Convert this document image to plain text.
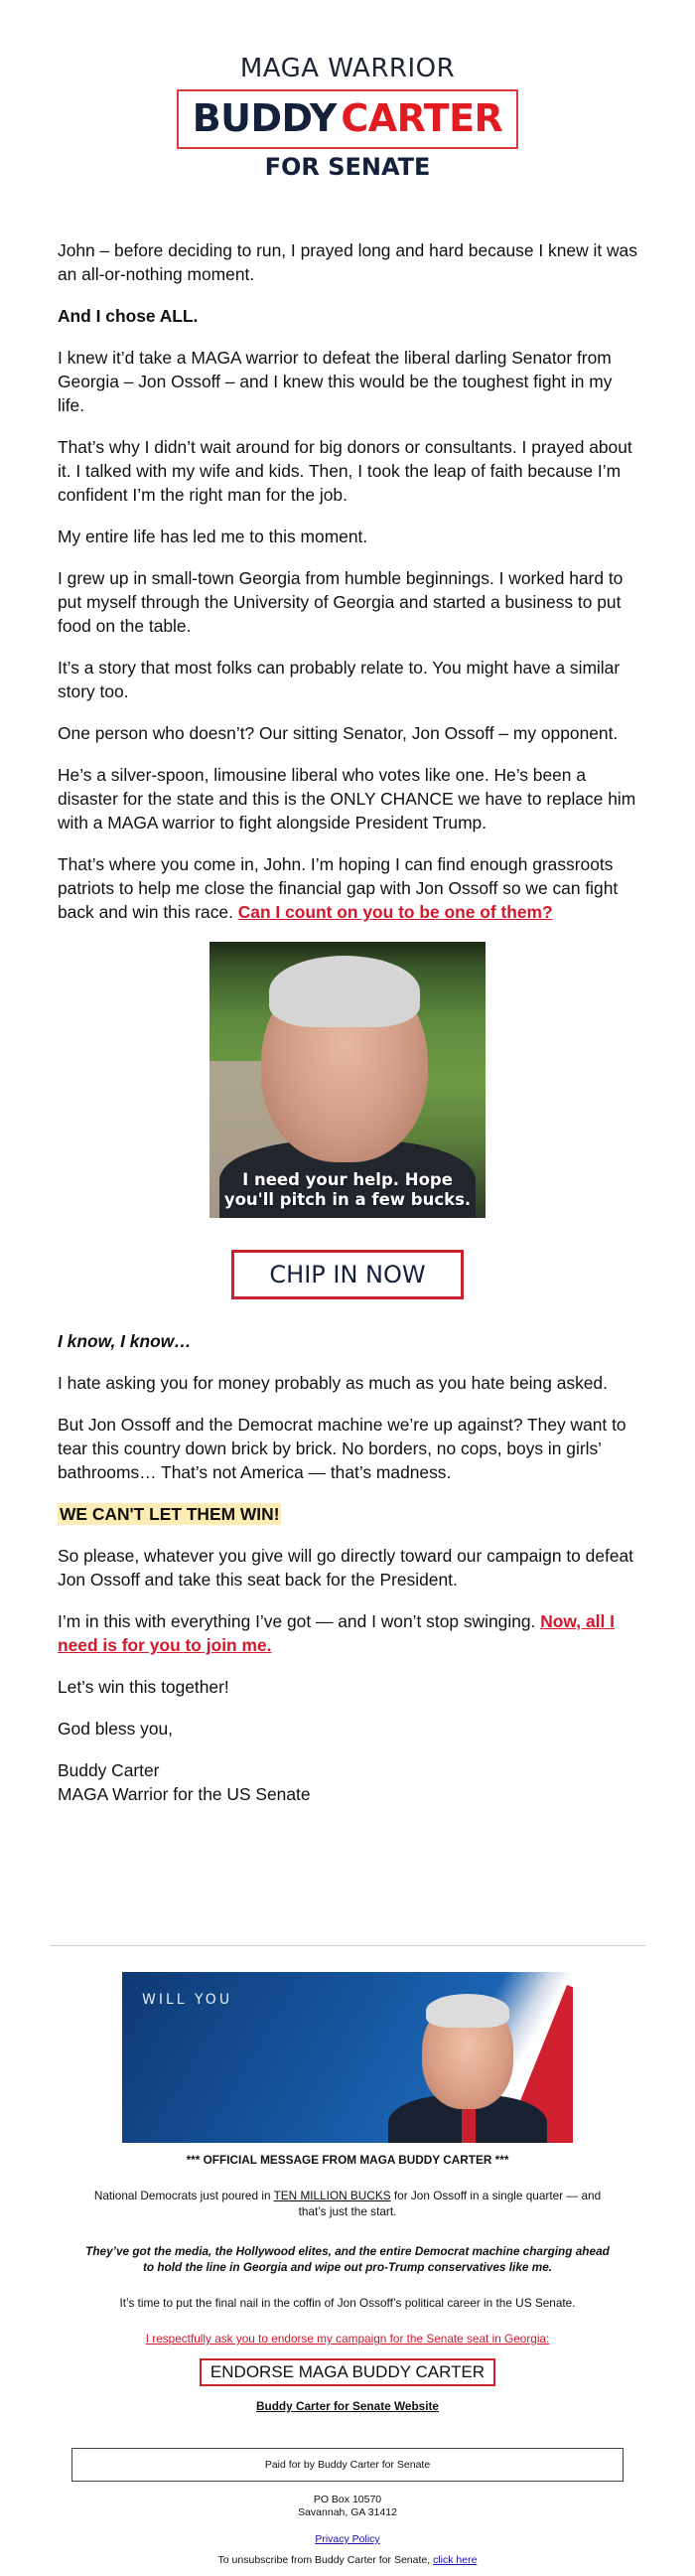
MAGA WARRIOR
BUDDY CARTER
FOR SENATE

John – before deciding to run, I prayed long and hard because I knew it was an all-or-nothing moment.

And I chose ALL.

I knew it’d take a MAGA warrior to defeat the liberal darling Senator from Georgia – Jon Ossoff – and I knew this would be the toughest fight in my life.

That’s why I didn’t wait around for big donors or consultants. I prayed about it. I talked with my wife and kids. Then, I took the leap of faith because I’m confident I’m the right man for the job.

My entire life has led me to this moment.

I grew up in small-town Georgia from humble beginnings. I worked hard to put myself through the University of Georgia and started a business to put food on the table.

It’s a story that most folks can probably relate to. You might have a similar story too.

One person who doesn’t? Our sitting Senator, Jon Ossoff – my opponent.

He’s a silver-spoon, limousine liberal who votes like one. He’s been a disaster for the state and this is the ONLY CHANCE we have to replace him with a MAGA warrior to fight alongside President Trump.

That’s where you come in, John. I’m hoping I can find enough grassroots patriots to help me close the financial gap with Jon Ossoff so we can fight back and win this race. Can I count on you to be one of them?

I need your help. Hope
you'll pitch in a few bucks.
CHIP IN NOW

I know, I know…

I hate asking you for money probably as much as you hate being asked.

But Jon Ossoff and the Democrat machine we’re up against? They want to tear this country down brick by brick. No borders, no cops, boys in girls’ bathrooms… That’s not America — that’s madness.

WE CAN'T LET THEM WIN!

So please, whatever you give will go directly toward our campaign to defeat Jon Ossoff and take this seat back for the President.

I’m in this with everything I’ve got — and I won’t stop swinging. Now, all I need is for you to join me.

Let’s win this together!

God bless you,

Buddy Carter
MAGA Warrior for the US Senate

WILL YOU
*** OFFICIAL MESSAGE FROM MAGA BUDDY CARTER ***
National Democrats just poured in TEN MILLION BUCKS for Jon Ossoff in a single quarter — and that’s just the start.
They’ve got the media, the Hollywood elites, and the entire Democrat machine charging ahead to hold the line in Georgia and wipe out pro-Trump conservatives like me.
It’s time to put the final nail in the coffin of Jon Ossoff’s political career in the US Senate.
I respectfully ask you to endorse my campaign for the Senate seat in Georgia:
ENDORSE MAGA BUDDY CARTER
Buddy Carter for Senate Website
Paid for by Buddy Carter for Senate
PO Box 10570
Savannah, GA 31412
Privacy Policy
To unsubscribe from Buddy Carter for Senate, click here
